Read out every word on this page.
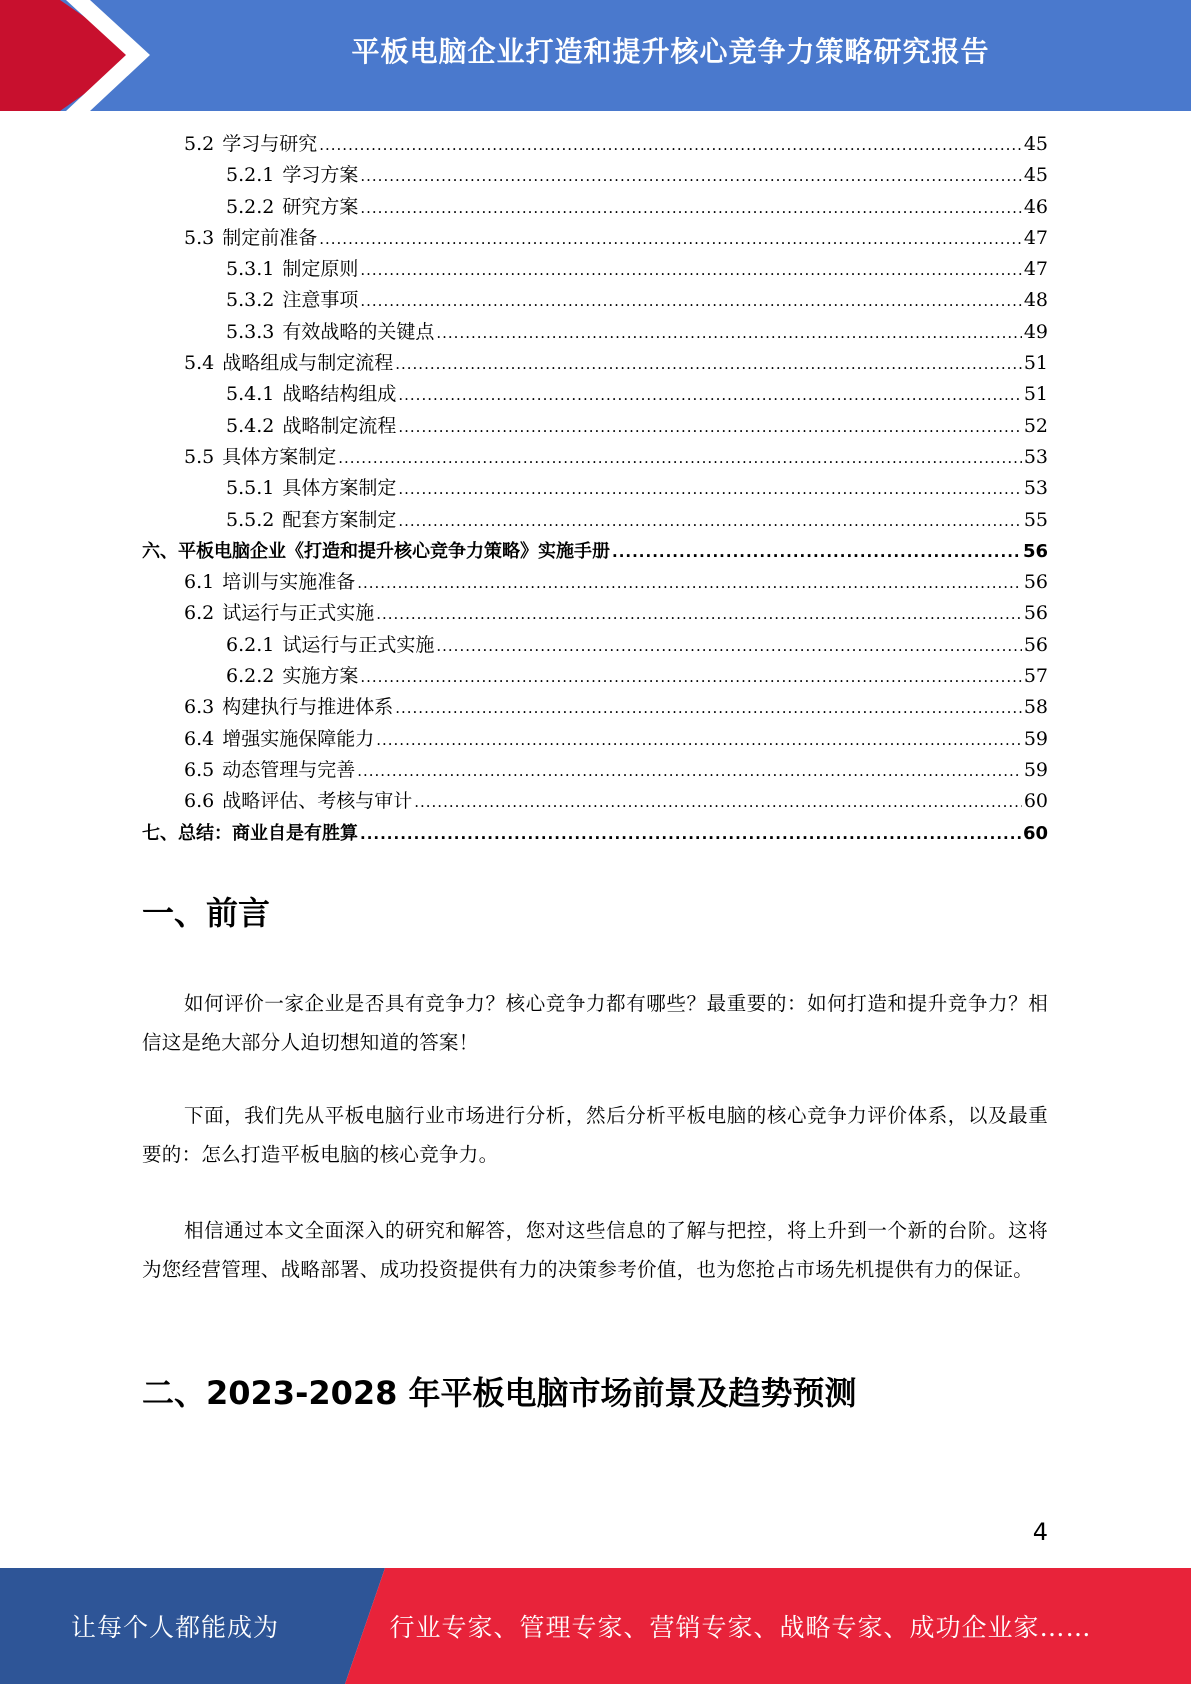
平板电脑企业打造和提升核心竞争力策略研究报告
5.2 学习与研究 .....	45
5.2.1 学习方案 .....	45
5.2.2 研究方案 .....	46
5.3 制定前准备 .....	47
5.3.1 制定原则 .....	47
5.3.2 注意事项 .....	48
5.3.3 有效战略的关键点 .....	49
5.4 战略组成与制定流程 .....	51
5.4.1 战略结构组成 .....	51
5.4.2 战略制定流程 .....	52
5.5 具体方案制定 .....	53
5.5.1 具体方案制定 .....	53
5.5.2 配套方案制定 .....	55
六、平板电脑企业《打造和提升核心竞争力策略》实施手册 .....	56
6.1 培训与实施准备 .....	56
6.2 试运行与正式实施 .....	56
6.2.1 试运行与正式实施 .....	56
6.2.2 实施方案 .....	57
6.3 构建执行与推进体系 .....	58
6.4 增强实施保障能力 .....	59
6.5 动态管理与完善 .....	59
6.6 战略评估、考核与审计 .....	60
七、总结：商业自是有胜算 .....	60
一、前言

如何评价一家企业是否具有竞争力？核心竞争力都有哪些？最重要的：如何打造和提升竞争力？相信这是绝大部分人迫切想知道的答案！

下面，我们先从平板电脑行业市场进行分析，然后分析平板电脑的核心竞争力评价体系，以及最重要的：怎么打造平板电脑的核心竞争力。

相信通过本文全面深入的研究和解答，您对这些信息的了解与把控，将上升到一个新的台阶。这将为您经营管理、战略部署、成功投资提供有力的决策参考价值，也为您抢占市场先机提供有力的保证。

二、2023-2028 年平板电脑市场前景及趋势预测
4
让每个人都能成为	行业专家、管理专家、营销专家、战略专家、成功企业家……
